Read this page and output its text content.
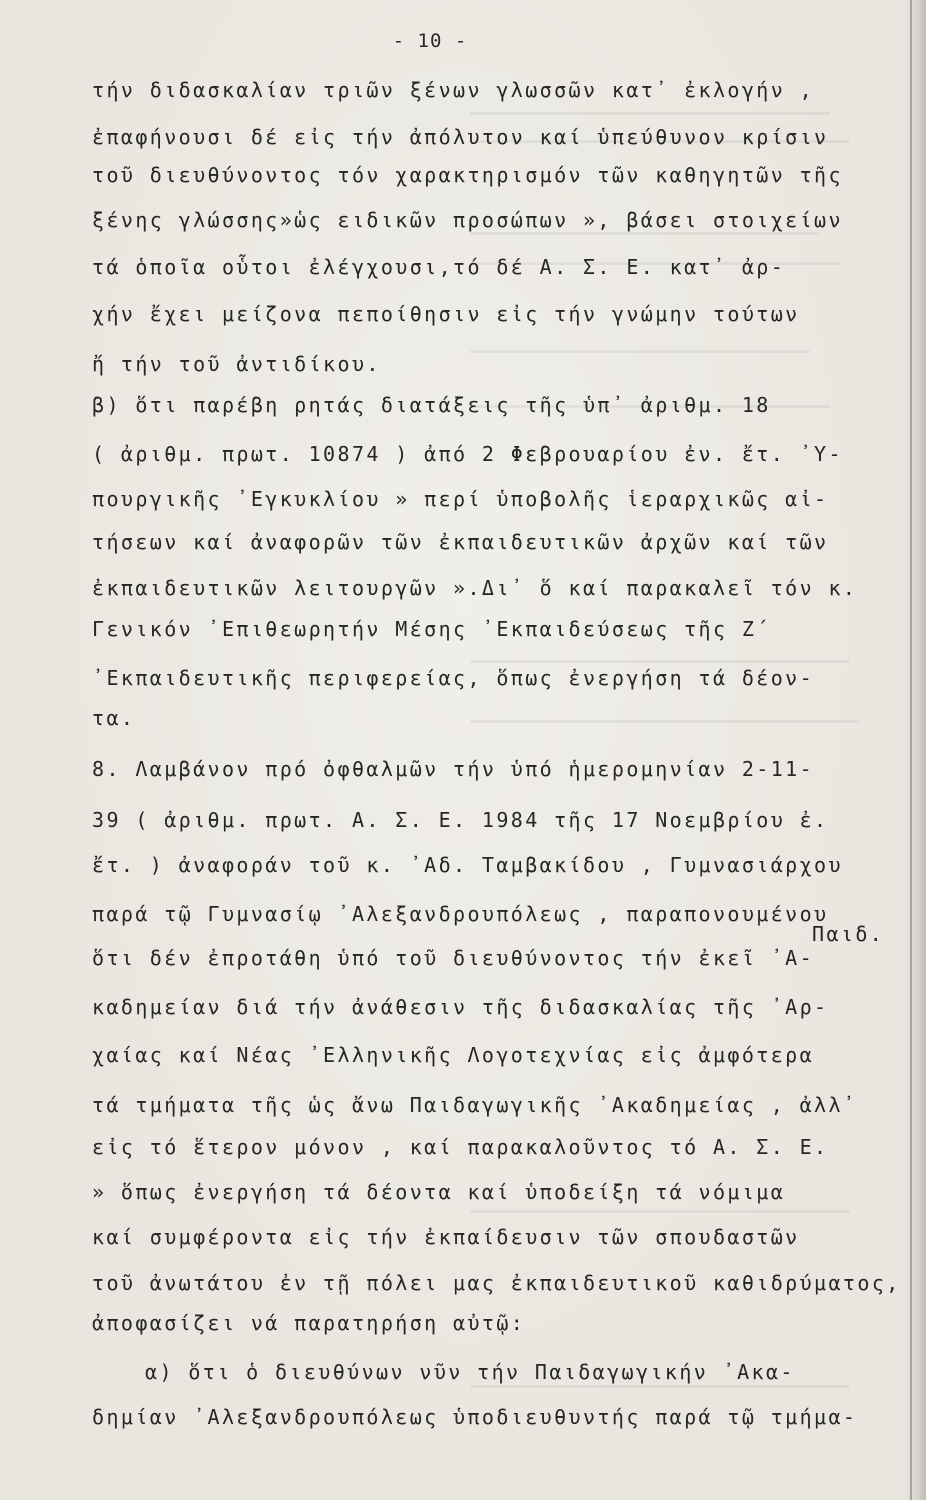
- 10 -
τήν διδασκαλίαν τριῶν ξένων γλωσσῶν κατ᾽ ἐκλογήν ,
ἐπαφήνουσι δέ εἰς τήν ἀπόλυτον καί ὑπεύθυνον κρίσιν
τοῦ διευθύνοντος τόν χαρακτηρισμόν τῶν καθηγητῶν τῆς
ξένης γλώσσης»ὡς ειδικῶν προσώπων », βάσει στοιχείων
τά ὁποῖα οὗτοι ἐλέγχουσι,τό δέ Α. Σ. Ε. κατ᾽ ἀρ-
χήν ἔχει μείζονα πεποίθησιν εἰς τήν γνώμην τούτων
ἤ τήν τοῦ ἀντιδίκου.
β) ὅτι παρέβη ρητάς διατάξεις τῆς ὑπ᾽ ἀριθμ. 18
( ἀριθμ. πρωτ. 10874 ) ἀπό 2 Φεβρουαρίου ἐν. ἔτ. ᾽Υ-
πουργικῆς ᾽Εγκυκλίου » περί ὑποβολῆς ἱεραρχικῶς αἰ-
τήσεων καί ἀναφορῶν τῶν ἐκπαιδευτικῶν ἀρχῶν καί τῶν
ἐκπαιδευτικῶν λειτουργῶν ».Δι᾽ ὅ καί παρακαλεῖ τόν κ.
Γενικόν ᾽Επιθεωρητήν Μέσης ᾽Εκπαιδεύσεως τῆς Ζ΄
᾽Εκπαιδευτικῆς περιφερείας, ὅπως ἐνεργήση τά δέον-
τα.
8. Λαμβάνον πρό ὀφθαλμῶν τήν ὑπό ἡμερομηνίαν 2-11-
39 ( ἀριθμ. πρωτ. Α. Σ. Ε. 1984 τῆς 17 Νοεμβρίου ἐ.
ἔτ. ) ἀναφοράν τοῦ κ. ᾽Αδ. Ταμβακίδου , Γυμνασιάρχου
παρά τῷ Γυμνασίῳ ᾽Αλεξανδρουπόλεως , παραπονουμένου
Παιδ.
ὅτι δέν ἐπροτάθη ὑπό τοῦ διευθύνοντος τήν ἐκεῖ ᾽Α-
καδημείαν διά τήν ἀνάθεσιν τῆς διδασκαλίας τῆς ᾽Αρ-
χαίας καί Νέας ᾽Ελληνικῆς Λογοτεχνίας εἰς ἀμφότερα
τά τμήματα τῆς ὡς ἄνω Παιδαγωγικῆς ᾽Ακαδημείας , ἀλλ᾽
εἰς τό ἕτερον μόνον , καί παρακαλοῦντος τό Α. Σ. Ε.
» ὅπως ἐνεργήση τά δέοντα καί ὑποδείξη τά νόμιμα
καί συμφέροντα εἰς τήν ἐκπαίδευσιν τῶν σπουδαστῶν
τοῦ ἀνωτάτου ἐν τῇ πόλει μας ἐκπαιδευτικοῦ καθιδρύματος,
ἀποφασίζει νά παρατηρήση αὐτῷ:
α) ὅτι ὁ διευθύνων νῦν τήν Παιδαγωγικήν ᾽Ακα-
δημίαν ᾽Αλεξανδρουπόλεως ὑποδιευθυντής παρά τῷ τμήμα-
